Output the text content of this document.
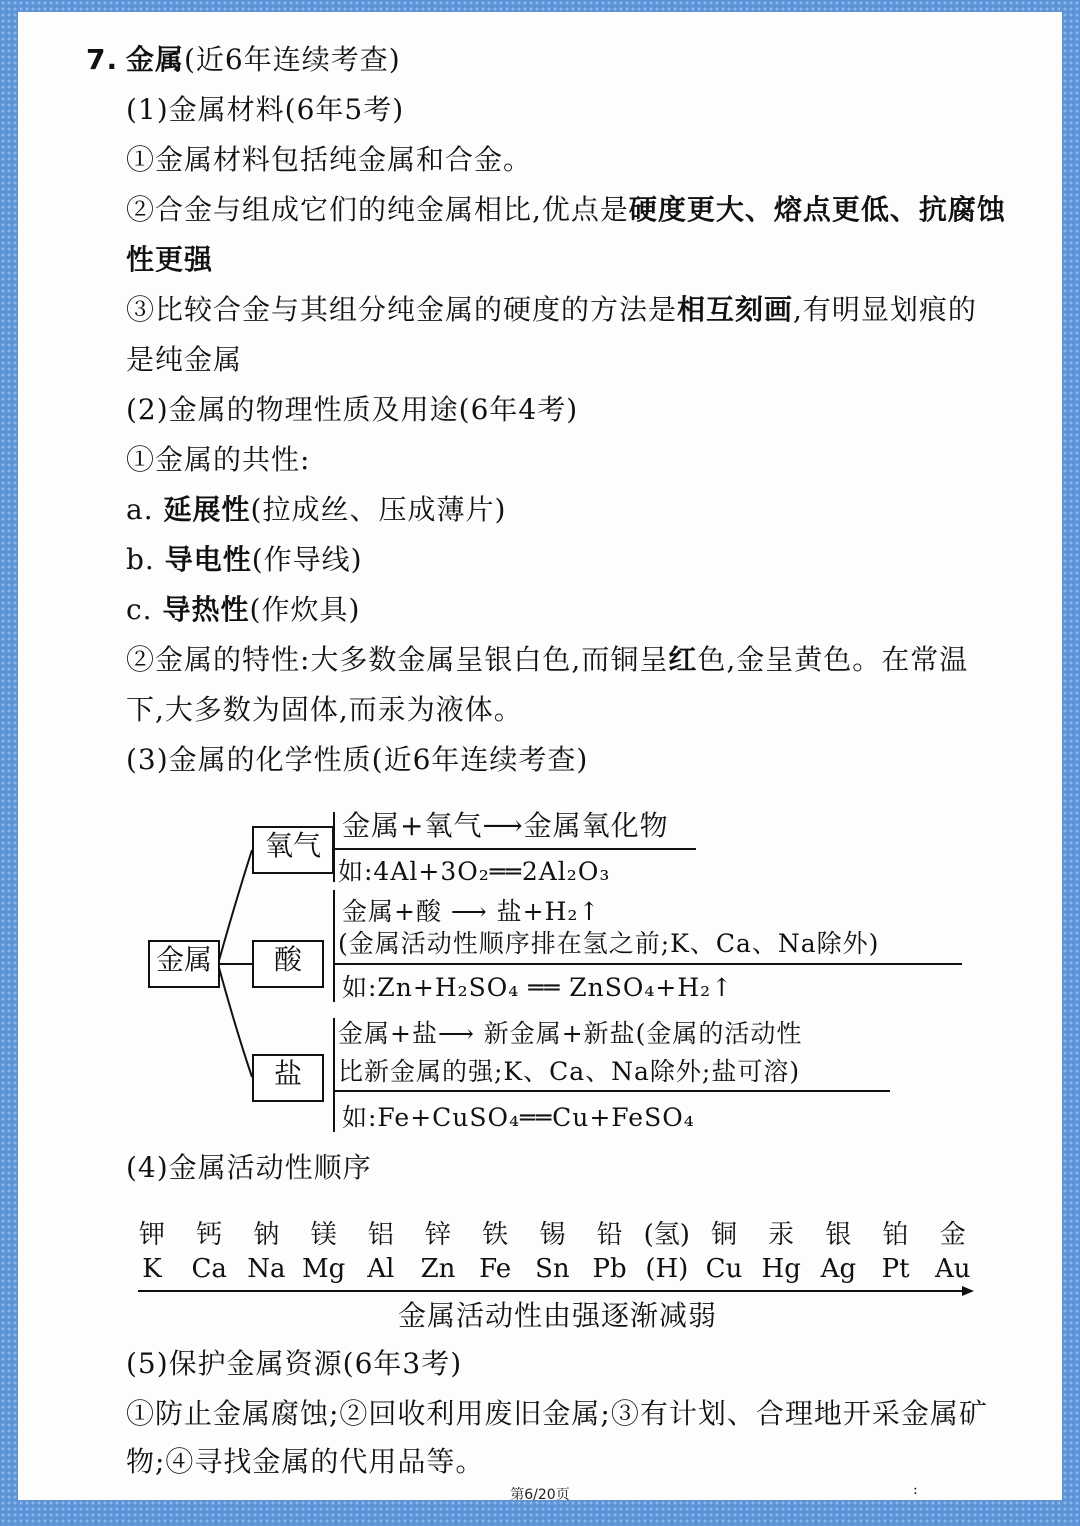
7. 金属 (近6年连续考查)
(1)金属材料(6年5考)
①金属材料包括纯金属和合金。
②合金与组成它们的纯金属相比,优点是硬度更大、熔点更低、抗腐蚀
性更强
③比较合金与其组分纯金属的硬度的方法是相互刻画,有明显划痕的
是纯金属
(2)金属的物理性质及用途(6年4考)
①金属的共性:
a. 延展性(拉成丝、压成薄片)
b. 导电性(作导线)
c. 导热性(作炊具)
②金属的特性:大多数金属呈银白色,而铜呈红色,金呈黄色。在常温
下,大多数为固体,而汞为液体。
(3)金属的化学性质(近6年连续考查)
金属
氧气
酸
盐
金属+氧气⟶金属氧化物
如:4Al+3O₂══2Al₂O₃
金属+酸 ⟶ 盐+H₂↑
(金属活动性顺序排在氢之前;K、Ca、Na除外)
如:Zn+H₂SO₄ ══ ZnSO₄+H₂↑
金属+盐⟶ 新金属+新盐(金属的活动性
比新金属的强;K、Ca、Na除外;盐可溶)
如:Fe+CuSO₄══Cu+FeSO₄
(4)金属活动性顺序
钾	钙	钠	镁	铝	锌	铁	锡	铅 (氢) 铜	汞	银	铂	金
K	Ca Na Mg Al	Zn Fe Sn Pb (H) Cu Hg Ag Pt Au
金属活动性由强逐渐减弱
(5)保护金属资源(6年3考)
①防止金属腐蚀;②回收利用废旧金属;③有计划、合理地开采金属矿
物;④寻找金属的代用品等。
第6/20页	:
